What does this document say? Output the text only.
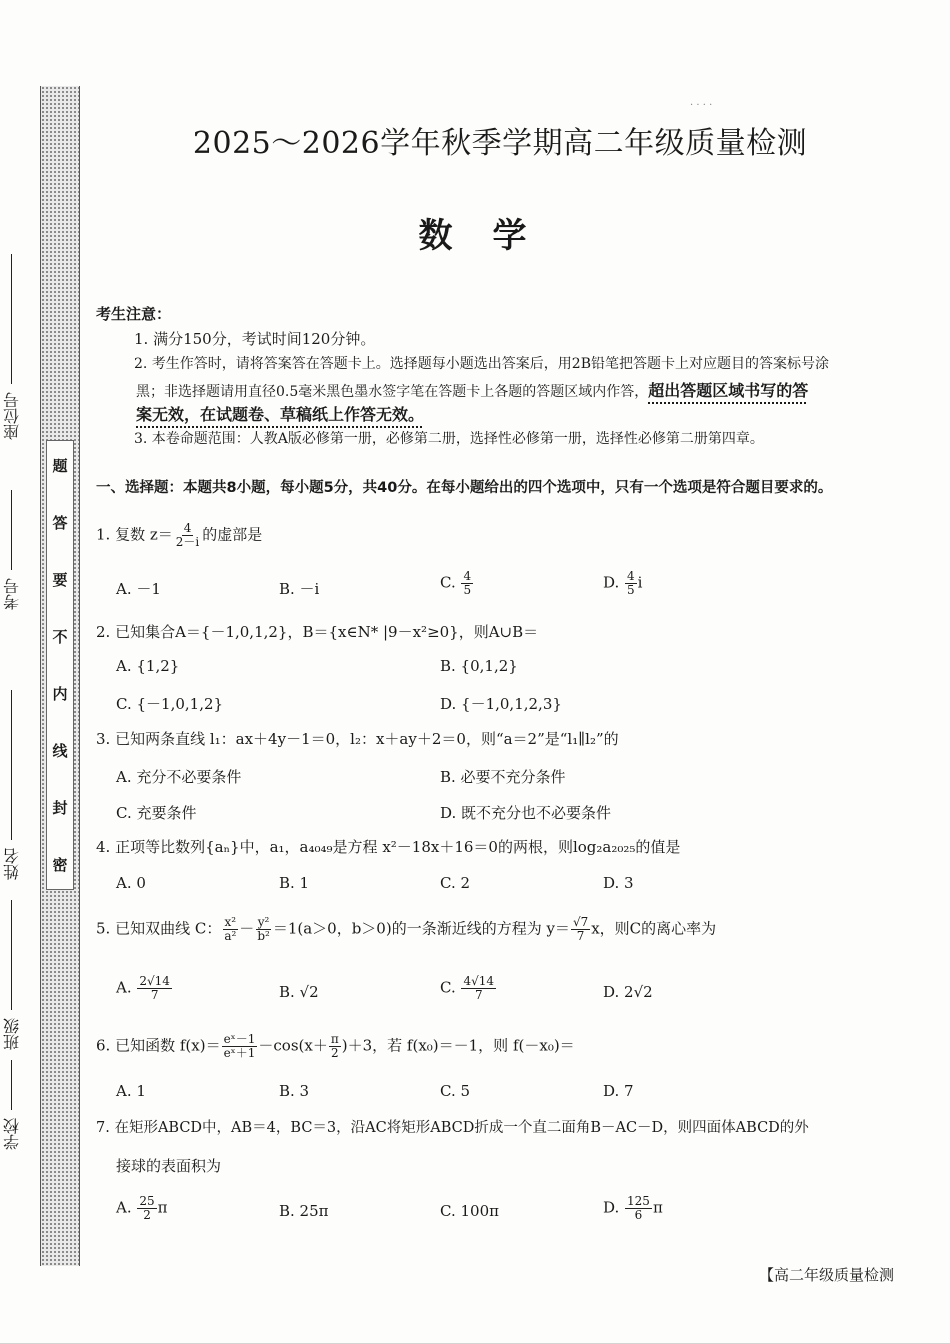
题
答
要
不
内
线
封
密
座位号
考号
姓名
班级
学校
· · · ·
2025～2026学年秋季学期高二年级质量检测
数学
考生注意：
1. 满分150分，考试时间120分钟。
2. 考生作答时，请将答案答在答题卡上。选择题每小题选出答案后，用2B铅笔把答题卡上对应题目的答案标号涂
黑；非选择题请用直径0.5毫米黑色墨水签字笔在答题卡上各题的答题区域内作答，超出答题区域书写的答
案无效，在试题卷、草稿纸上作答无效。
3. 本卷命题范围：人教A版必修第一册，必修第二册，选择性必修第一册，选择性必修第二册第四章。
一、选择题：本题共8小题，每小题5分，共40分。在每小题给出的四个选项中，只有一个选项是符合题目要求的。
1. 复数 $z= \frac{4}{2-i}$ 的虚部是
A. －1	B. －i	C. $\frac{4}{5}$	D. $\frac{4}{5}$ i
2. 已知集合A＝{－1,0,1,2}，B＝{x∈N* |9－x²≥0}，则A∪B＝
A. {1,2}	B. {0,1,2}
C. {－1,0,1,2}	D. {－1,0,1,2,3}
3. 已知两条直线 l₁：ax＋4y－1＝0，l₂：x＋ay＋2＝0，则“a＝2”是“l₁∥l₂”的
A. 充分不必要条件	B. 必要不充分条件
C. 充要条件	D. 既不充分也不必要条件
4. 正项等比数列{aₙ}中，a₁，a₄₀₄₉是方程 x²－18x＋16＝0的两根，则log₂a₂₀₂₅的值是
A. 0	B. 1	C. 2	D. 3
5. 已知双曲线 C： $\frac{\text{x²}}{\text{a²}} - \frac{\text{y²}}{\text{b²}} =1(a>0$，b＞0)的一条渐近线的方程为 $y= \frac{√7}{7}$ x，则C的离心率为
A. $\frac{2√14}{7}$	B. √2	C. $\frac{4√14}{7}$	D. 2√2
6. 已知函数 $f(x)= \frac{\text{eˣ－1}}{\text{eˣ＋1}} -\cos(x+ \frac{\pi}{2} )+3$，若 f(x₀)＝－1，则 f(－x₀)＝
A. 1	B. 3	C. 5	D. 7
7. 在矩形ABCD中，AB＝4，BC＝3，沿AC将矩形ABCD折成一个直二面角B－AC－D，则四面体ABCD的外
接球的表面积为
A. $\frac{25}{2}$ π	B. 25π	C. 100π	D. $\frac{125}{6}$ π
【高二年级质量检测
